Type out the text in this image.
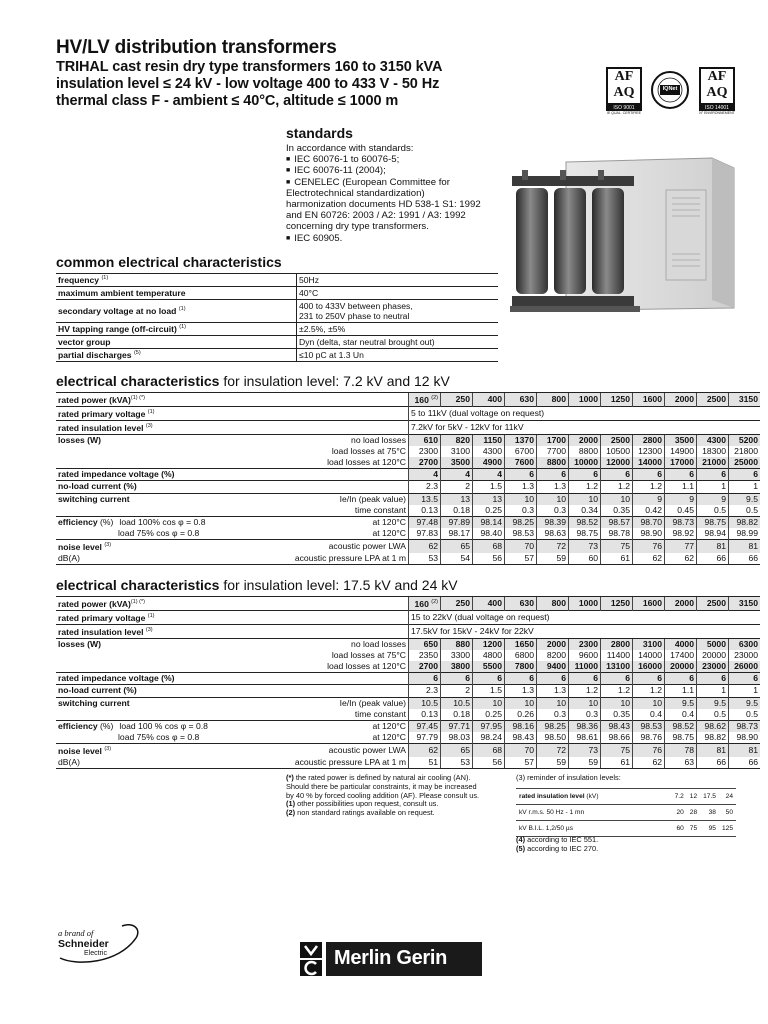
HV/LV distribution transformers
TRIHAL cast resin dry type transformers 160 to 3150 kVA
insulation level ≤ 24 kV - low voltage 400 to 433 V - 50 Hz
thermal class F - ambient ≤ 40°C, altitude ≤ 1000 m
AF
AQ
ISO 9001
IE QUAL. CERTIFIÉE
IQNet
AF
AQ
ISO 14001
N° ENVIRONNEMENT
standards

In accordance with standards:

■ IEC 60076-1 to 60076-5;

■ IEC 60076-11 (2004);

■ CENELEC (European Committee for

Electrotechnical standardization)

harmonization documents HD 538-1 S1: 1992

and EN 60726: 2003 / A2: 1991 / A3: 1992

concerning dry type transformers.

■ IEC 60905.

common electrical characteristics
frequency $^{(1)}$	50Hz
maximum ambient temperature	40°C
secondary voltage at no load $^{(1)}$	400 to 433V between phases,
231 to 250V phase to neutral

HV tapping range (off-circuit) $^{(1)}$	±2.5%, ±5%
vector group	Dyn (delta, star neutral brought out)
partial discharges $^{(5)}$	≤10 pC at 1.3 Un
electrical characteristics for insulation level: 7.2 kV and 12 kV
rated power (kVA)$^{(1) (*)}$		160 $^{(2)}$	250	400	630	800	1000	1250	1600	2000	2500	3150
rated primary voltage $^{(1)}$		5 to 11kV (dual voltage on request)										
rated insulation level $^{(3)}$		7.2kV for 5kV - 12kV for 11kV										
losses (W)	no load losses	610	820	1150	1370	1700	2000	2500	2800	3500	4300	5200
	load losses at 75°C	2300	3100	4300	6700	7700	8800	10500	12300	14900	18300	21800
	load losses at 120°C	2700	3500	4900	7600	8800	10000	12000	14000	17000	21000	25000
rated impedance voltage (%)		4	4	4	6	6	6	6	6	6	6	6
no-load current (%)		2.3	2	1.5	1.3	1.3	1.2	1.2	1.2	1.1	1	1
switching current	Ie/In (peak value)	13.5	13	13	10	10	10	10	9	9	9	9.5
	time constant	0.13	0.18	0.25	0.3	0.3	0.34	0.35	0.42	0.45	0.5	0.5
efficiency (%) load 100% cos φ = 0.8 at 120°C		97.48	97.89	98.14	98.25	98.39	98.52	98.57	98.70	98.73	98.75	98.82
load 75% cos φ = 0.8 at 120°C		97.83	98.17	98.40	98.53	98.63	98.75	98.78	98.90	98.92	98.94	98.99
noise level $^{(3)}$	acoustic power LWA	62	65	68	70	72	73	75	76	77	81	81
dB(A)	acoustic pressure LPA at 1 m	53	54	56	57	59	60	61	62	62	66	66
electrical characteristics for insulation level: 17.5 kV and 24 kV
rated power (kVA)$^{(1) (*)}$		160 $^{(2)}$	250	400	630	800	1000	1250	1600	2000	2500	3150
rated primary voltage $^{(1)}$		15 to 22kV (dual voltage on request)										
rated insulation level $^{(3)}$		17.5kV for 15kV - 24kV for 22kV										
losses (W)	no load losses	650	880	1200	1650	2000	2300	2800	3100	4000	5000	6300
	load losses at 75°C	2350	3300	4800	6800	8200	9600	11400	14000	17400	20000	23000
	load losses at 120°C	2700	3800	5500	7800	9400	11000	13100	16000	20000	23000	26000
rated impedance voltage (%)		6	6	6	6	6	6	6	6	6	6	6
no-load current (%)		2.3	2	1.5	1.3	1.3	1.2	1.2	1.2	1.1	1	1
switching current	Ie/In (peak value)	10.5	10.5	10	10	10	10	10	10	9.5	9.5	9.5
	time constant	0.13	0.18	0.25	0.26	0.3	0.3	0.35	0.4	0.4	0.5	0.5
efficiency (%) load 100 % cos φ = 0.8 at 120°C		97.45	97.71	97.95	98.16	98.25	98.36	98.43	98.53	98.52	98.62	98.73
load 75% cos φ = 0.8 at 120°C		97.79	98.03	98.24	98.43	98.50	98.61	98.66	98.76	98.75	98.82	98.90
noise level $^{(3)}$	acoustic power LWA	62	65	68	70	72	73	75	76	78	81	81
dB(A)	acoustic pressure LPA at 1 m	51	53	56	57	59	59	61	62	63	66	66
(*) the rated power is defined by natural air cooling (AN).
Should there be particular constraints, it may be increased
by 40 % by forced cooling addition (AF). Please consult us.
(1) other possibilities upon request, consult us.
(2) non standard ratings available on request.
(3) reminder of insulation levels:
rated insulation level (kV)	7.2	12	17.5	24
kV r.m.s. 50 Hz - 1 mn	20	28	38	50
kV B.I.L. 1,2/50 µs	60	75	95	125
(4) according to IEC 551.
(5) according to IEC 270.
a brand of
Schneider
Electric	Merlin Gerin
